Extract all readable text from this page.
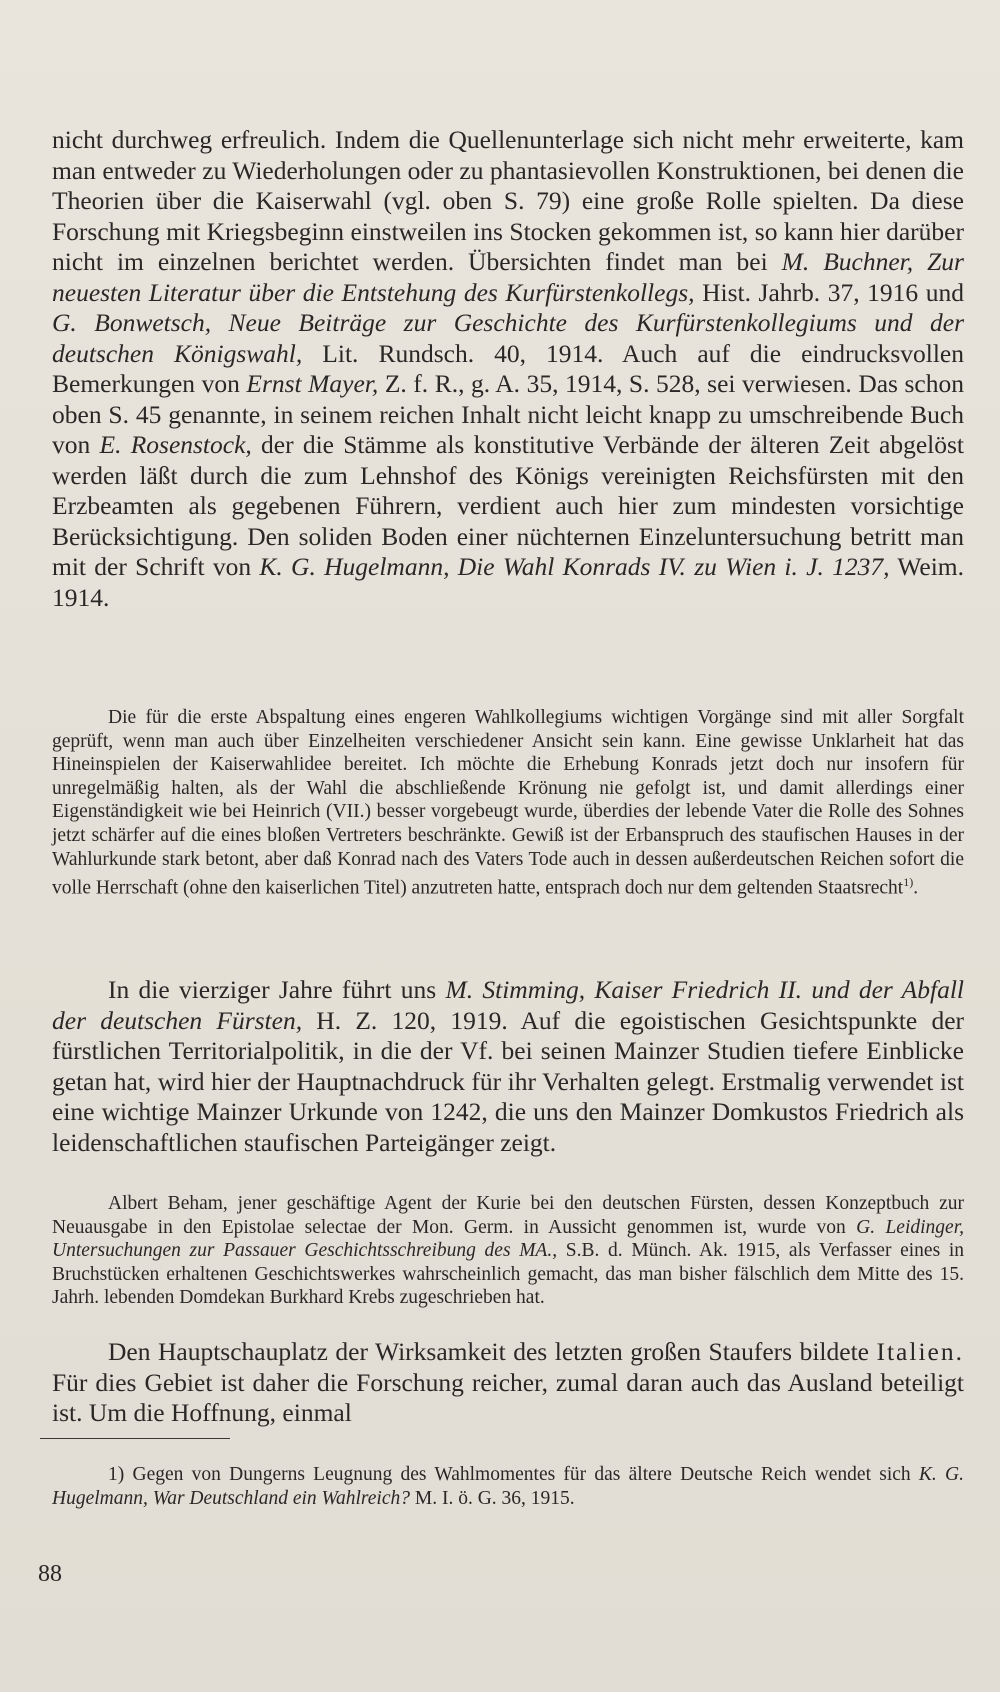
nicht durchweg erfreulich. Indem die Quellenunterlage sich nicht mehr erweiterte, kam man entweder zu Wiederholungen oder zu phantasievollen Konstruktionen, bei denen die Theorien über die Kaiserwahl (vgl. oben S. 79) eine große Rolle spielten. Da diese Forschung mit Kriegsbeginn einstweilen ins Stocken gekommen ist, so kann hier darüber nicht im einzelnen berichtet werden. Übersichten findet man bei M. Buchner, Zur neuesten Literatur über die Entstehung des Kurfürstenkollegs, Hist. Jahrb. 37, 1916 und G. Bonwetsch, Neue Beiträge zur Geschichte des Kurfürstenkollegiums und der deutschen Königswahl, Lit. Rundsch. 40, 1914. Auch auf die eindrucksvollen Bemerkungen von Ernst Mayer, Z. f. R., g. A. 35, 1914, S. 528, sei verwiesen. Das schon oben S. 45 genannte, in seinem reichen Inhalt nicht leicht knapp zu umschreibende Buch von E. Rosenstock, der die Stämme als konstitutive Verbände der älteren Zeit abgelöst werden läßt durch die zum Lehnshof des Königs vereinigten Reichsfürsten mit den Erzbeamten als gegebenen Führern, verdient auch hier zum mindesten vorsichtige Berücksichtigung. Den soliden Boden einer nüchternen Einzeluntersuchung betritt man mit der Schrift von K. G. Hugelmann, Die Wahl Konrads IV. zu Wien i. J. 1237, Weim. 1914.

Die für die erste Abspaltung eines engeren Wahlkollegiums wichtigen Vorgänge sind mit aller Sorgfalt geprüft, wenn man auch über Einzelheiten verschiedener Ansicht sein kann. Eine gewisse Unklarheit hat das Hineinspielen der Kaiserwahlidee bereitet. Ich möchte die Erhebung Konrads jetzt doch nur insofern für unregelmäßig halten, als der Wahl die abschließende Krönung nie gefolgt ist, und damit allerdings einer Eigenständigkeit wie bei Heinrich (VII.) besser vorgebeugt wurde, überdies der lebende Vater die Rolle des Sohnes jetzt schärfer auf die eines bloßen Vertreters beschränkte. Gewiß ist der Erbanspruch des staufischen Hauses in der Wahlurkunde stark betont, aber daß Konrad nach des Vaters Tode auch in dessen außerdeutschen Reichen sofort die volle Herrschaft (ohne den kaiserlichen Titel) anzutreten hatte, entsprach doch nur dem geltenden Staatsrecht$^{1)}$.

In die vierziger Jahre führt uns M. Stimming, Kaiser Friedrich II. und der Abfall der deutschen Fürsten, H. Z. 120, 1919. Auf die egoistischen Gesichtspunkte der fürstlichen Territorialpolitik, in die der Vf. bei seinen Mainzer Studien tiefere Einblicke getan hat, wird hier der Hauptnachdruck für ihr Verhalten gelegt. Erstmalig verwendet ist eine wichtige Mainzer Urkunde von 1242, die uns den Mainzer Domkustos Friedrich als leidenschaftlichen staufischen Parteigänger zeigt.

Albert Beham, jener geschäftige Agent der Kurie bei den deutschen Fürsten, dessen Konzeptbuch zur Neuausgabe in den Epistolae selectae der Mon. Germ. in Aussicht genommen ist, wurde von G. Leidinger, Untersuchungen zur Passauer Geschichtsschreibung des MA., S.B. d. Münch. Ak. 1915, als Verfasser eines in Bruchstücken erhaltenen Geschichtswerkes wahrscheinlich gemacht, das man bisher fälschlich dem Mitte des 15. Jahrh. lebenden Domdekan Burkhard Krebs zugeschrieben hat.

Den Hauptschauplatz der Wirksamkeit des letzten großen Staufers bildete Italien. Für dies Gebiet ist daher die Forschung reicher, zumal daran auch das Ausland beteiligt ist. Um die Hoffnung, einmal

1) Gegen von Dungerns Leugnung des Wahlmomentes für das ältere Deutsche Reich wendet sich K. G. Hugelmann, War Deutschland ein Wahlreich? M. I. ö. G. 36, 1915.

88
